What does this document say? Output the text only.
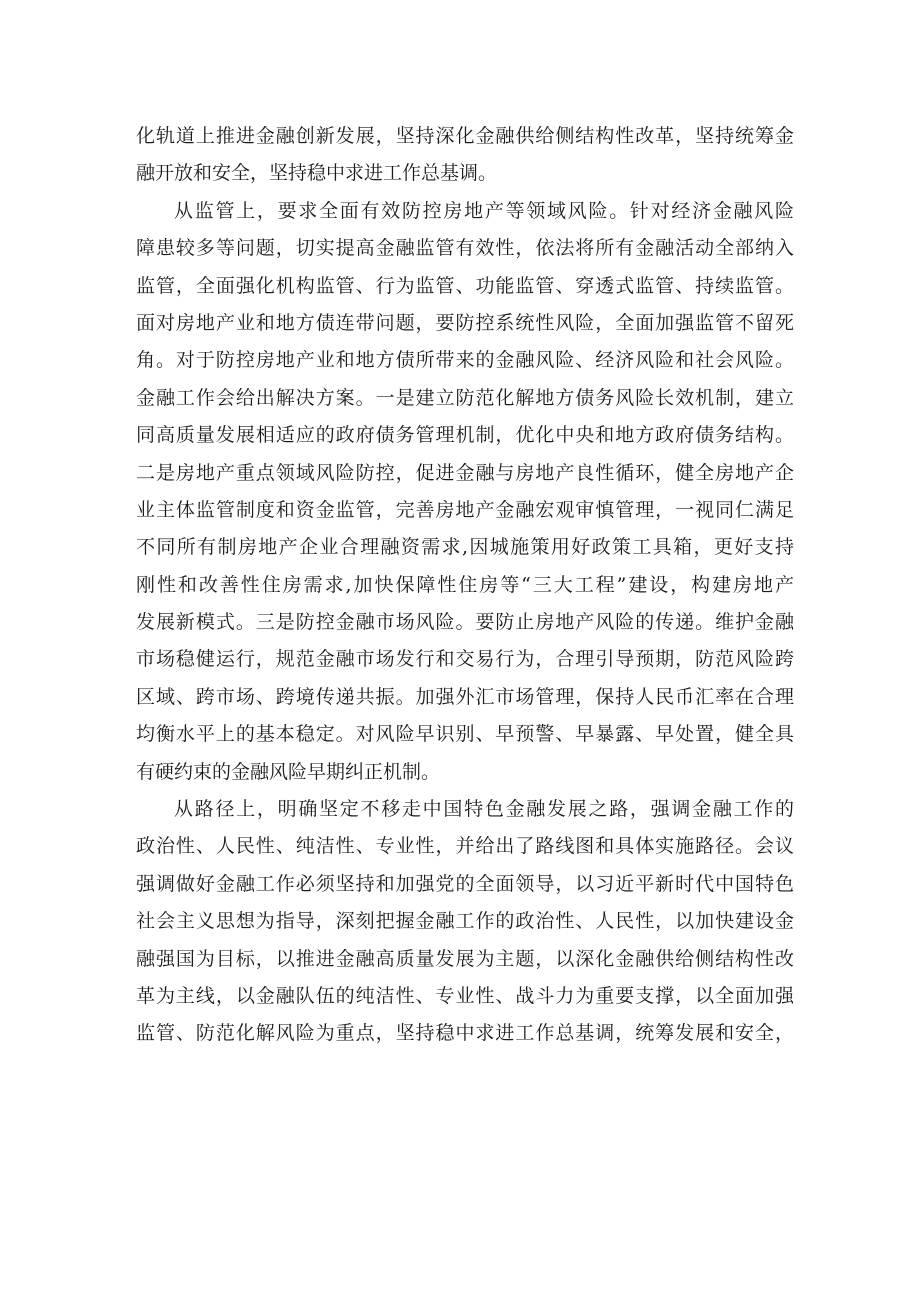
化轨道上推进金融创新发展，坚持深化金融供给侧结构性改革，坚持统筹金
融开放和安全，坚持稳中求进工作总基调。
从监管上，要求全面有效防控房地产等领域风险。针对经济金融风险
障患较多等问题，切实提高金融监管有效性，依法将所有金融活动全部纳入
监管，全面强化机构监管、行为监管、功能监管、穿透式监管、持续监管。
面对房地产业和地方债连带问题，要防控系统性风险，全面加强监管不留死
角。对于防控房地产业和地方债所带来的金融风险、经济风险和社会风险。
金融工作会给出解决方案。一是建立防范化解地方债务风险长效机制，建立
同高质量发展相适应的政府债务管理机制，优化中央和地方政府债务结构。
二是房地产重点领域风险防控，促进金融与房地产良性循环，健全房地产企
业主体监管制度和资金监管，完善房地产金融宏观审慎管理，一视同仁满足
不同所有制房地产企业合理融资需求,因城施策用好政策工具箱，更好支持
刚性和改善性住房需求,加快保障性住房等“三大工程”建设，构建房地产
发展新模式。三是防控金融市场风险。要防止房地产风险的传递。维护金融
市场稳健运行，规范金融市场发行和交易行为，合理引导预期，防范风险跨
区域、跨市场、跨境传递共振。加强外汇市场管理，保持人民币汇率在合理
均衡水平上的基本稳定。对风险早识别、早预警、早暴露、早处置，健全具
有硬约束的金融风险早期纠正机制。
从路径上，明确坚定不移走中国特色金融发展之路，强调金融工作的
政治性、人民性、纯洁性、专业性，并给出了路线图和具体实施路径。会议
强调做好金融工作必须坚持和加强党的全面领导，以习近平新时代中国特色
社会主义思想为指导，深刻把握金融工作的政治性、人民性，以加快建设金
融强国为目标，以推进金融高质量发展为主题，以深化金融供给侧结构性改
革为主线，以金融队伍的纯洁性、专业性、战斗力为重要支撑，以全面加强
监管、防范化解风险为重点，坚持稳中求进工作总基调，统筹发展和安全，
